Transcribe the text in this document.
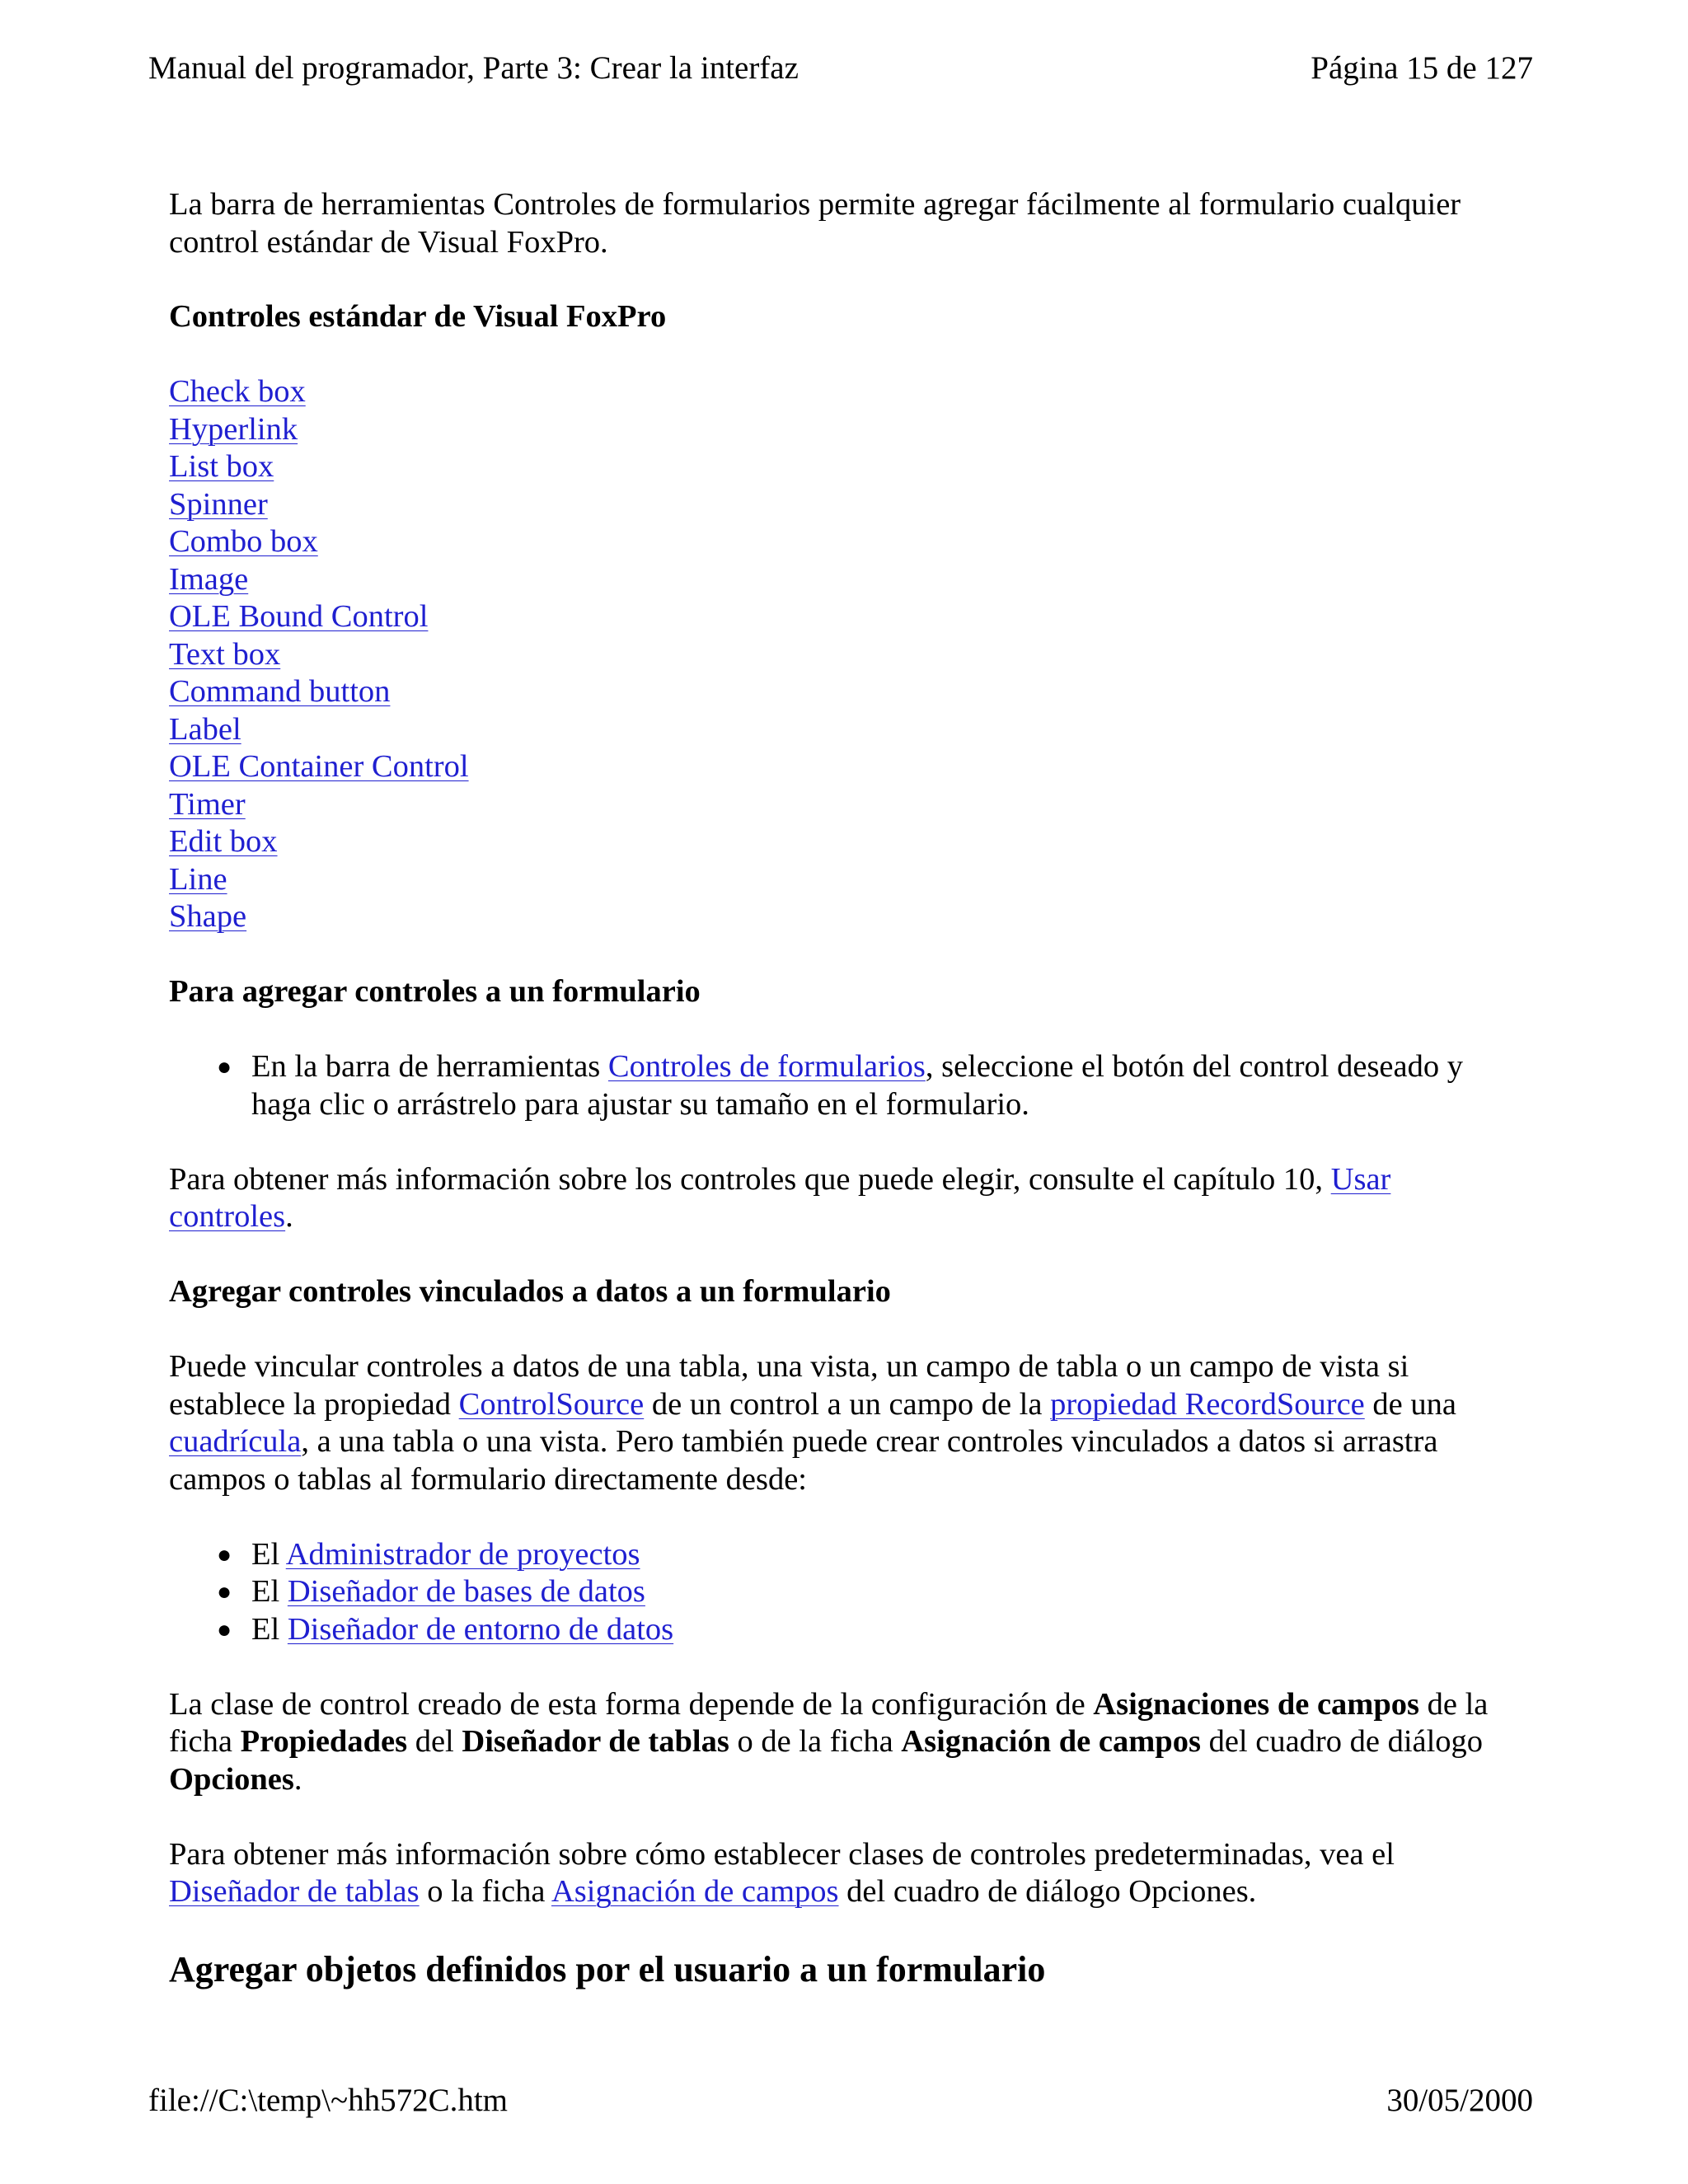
Manual del programador, Parte 3: Crear la interfaz	Página 15 de 127

La barra de herramientas Controles de formularios permite agregar fácilmente al formulario cualquier control estándar de Visual FoxPro.

Controles estándar de Visual FoxPro
Check box
Hyperlink
List box
Spinner
Combo box
Image
OLE Bound Control
Text box
Command button
Label
OLE Container Control
Timer
Edit box
Line
Shape
Para agregar controles a un formulario
● En la barra de herramientas Controles de formularios, seleccione el botón del control deseado y haga clic o arrástrelo para ajustar su tamaño en el formulario.

Para obtener más información sobre los controles que puede elegir, consulte el capítulo 10, Usar controles.

Agregar controles vinculados a datos a un formulario

Puede vincular controles a datos de una tabla, una vista, un campo de tabla o un campo de vista si establece la propiedad ControlSource de un control a un campo de la propiedad RecordSource de una cuadrícula, a una tabla o una vista. Pero también puede crear controles vinculados a datos si arrastra campos o tablas al formulario directamente desde:

● El Administrador de proyectos
● El Diseñador de bases de datos
● El Diseñador de entorno de datos

La clase de control creado de esta forma depende de la configuración de Asignaciones de campos de la ficha Propiedades del Diseñador de tablas o de la ficha Asignación de campos del cuadro de diálogo Opciones.

Para obtener más información sobre cómo establecer clases de controles predeterminadas, vea el Diseñador de tablas o la ficha Asignación de campos del cuadro de diálogo Opciones.

Agregar objetos definidos por el usuario a un formulario
file://C:\temp\~hh572C.htm	30/05/2000
